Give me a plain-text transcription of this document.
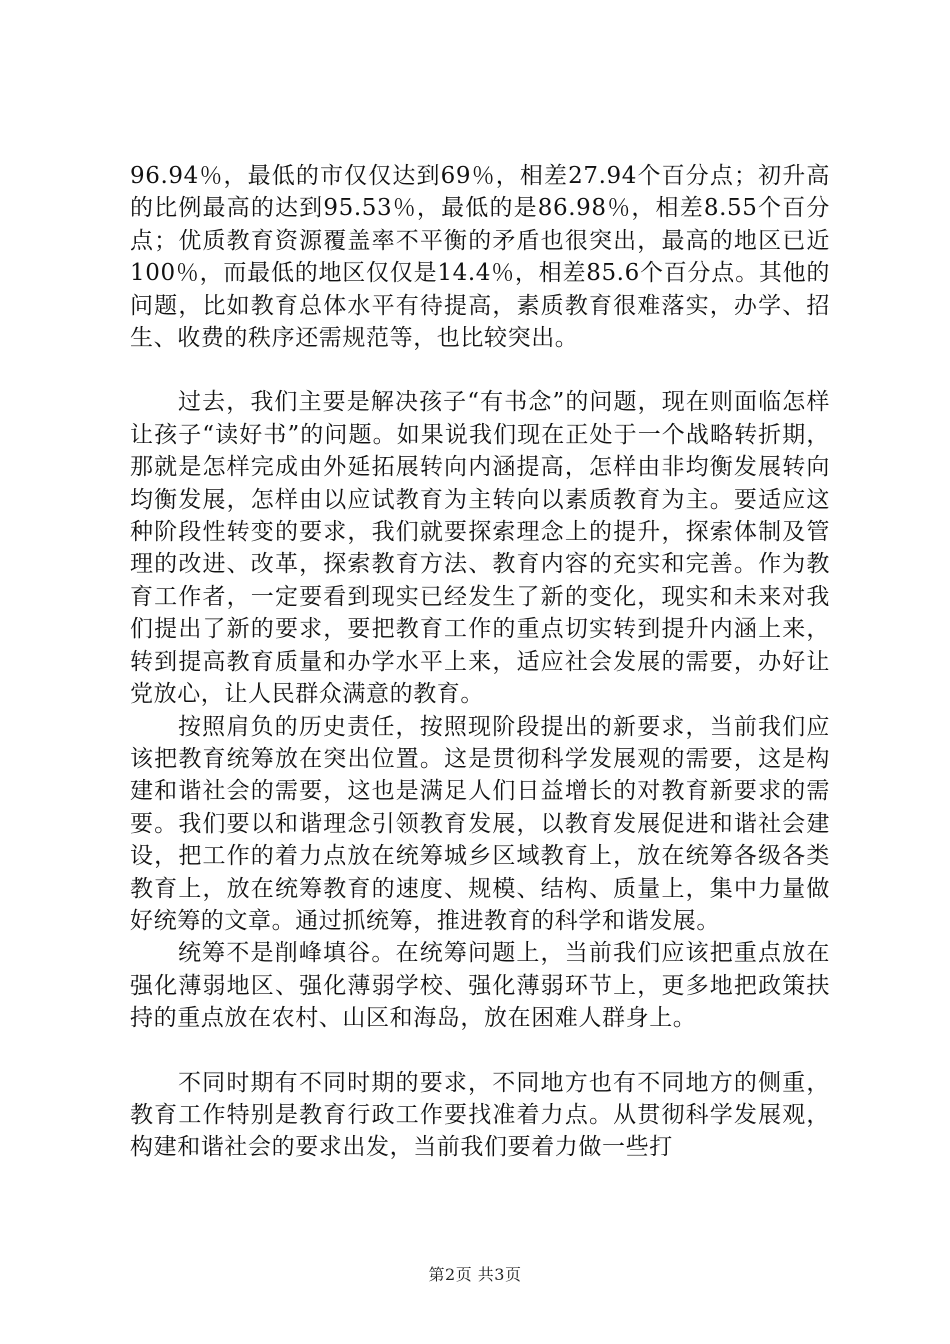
96.94％，最低的市仅仅达到69％，相差27.94个百分点；初升高的比例最高的达到95.53％，最低的是86.98％，相差8.55个百分点；优质教育资源覆盖率不平衡的矛盾也很突出，最高的地区已近100％，而最低的地区仅仅是14.4％，相差85.6个百分点。其他的问题，比如教育总体水平有待提高，素质教育很难落实，办学、招生、收费的秩序还需规范等，也比较突出。

过去，我们主要是解决孩子“有书念”的问题，现在则面临怎样让孩子“读好书”的问题。如果说我们现在正处于一个战略转折期，那就是怎样完成由外延拓展转向内涵提高，怎样由非均衡发展转向均衡发展，怎样由以应试教育为主转向以素质教育为主。要适应这种阶段性转变的要求，我们就要探索理念上的提升，探索体制及管理的改进、改革，探索教育方法、教育内容的充实和完善。作为教育工作者，一定要看到现实已经发生了新的变化，现实和未来对我们提出了新的要求，要把教育工作的重点切实转到提升内涵上来，转到提高教育质量和办学水平上来，适应社会发展的需要，办好让党放心，让人民群众满意的教育。

按照肩负的历史责任，按照现阶段提出的新要求，当前我们应该把教育统筹放在突出位置。这是贯彻科学发展观的需要，这是构建和谐社会的需要，这也是满足人们日益增长的对教育新要求的需要。我们要以和谐理念引领教育发展，以教育发展促进和谐社会建设，把工作的着力点放在统筹城乡区域教育上，放在统筹各级各类教育上，放在统筹教育的速度、规模、结构、质量上，集中力量做好统筹的文章。通过抓统筹，推进教育的科学和谐发展。

统筹不是削峰填谷。在统筹问题上，当前我们应该把重点放在强化薄弱地区、强化薄弱学校、强化薄弱环节上，更多地把政策扶持的重点放在农村、山区和海岛，放在困难人群身上。

不同时期有不同时期的要求，不同地方也有不同地方的侧重，教育工作特别是教育行政工作要找准着力点。从贯彻科学发展观，构建和谐社会的要求出发，当前我们要着力做一些打

第2页 共3页
